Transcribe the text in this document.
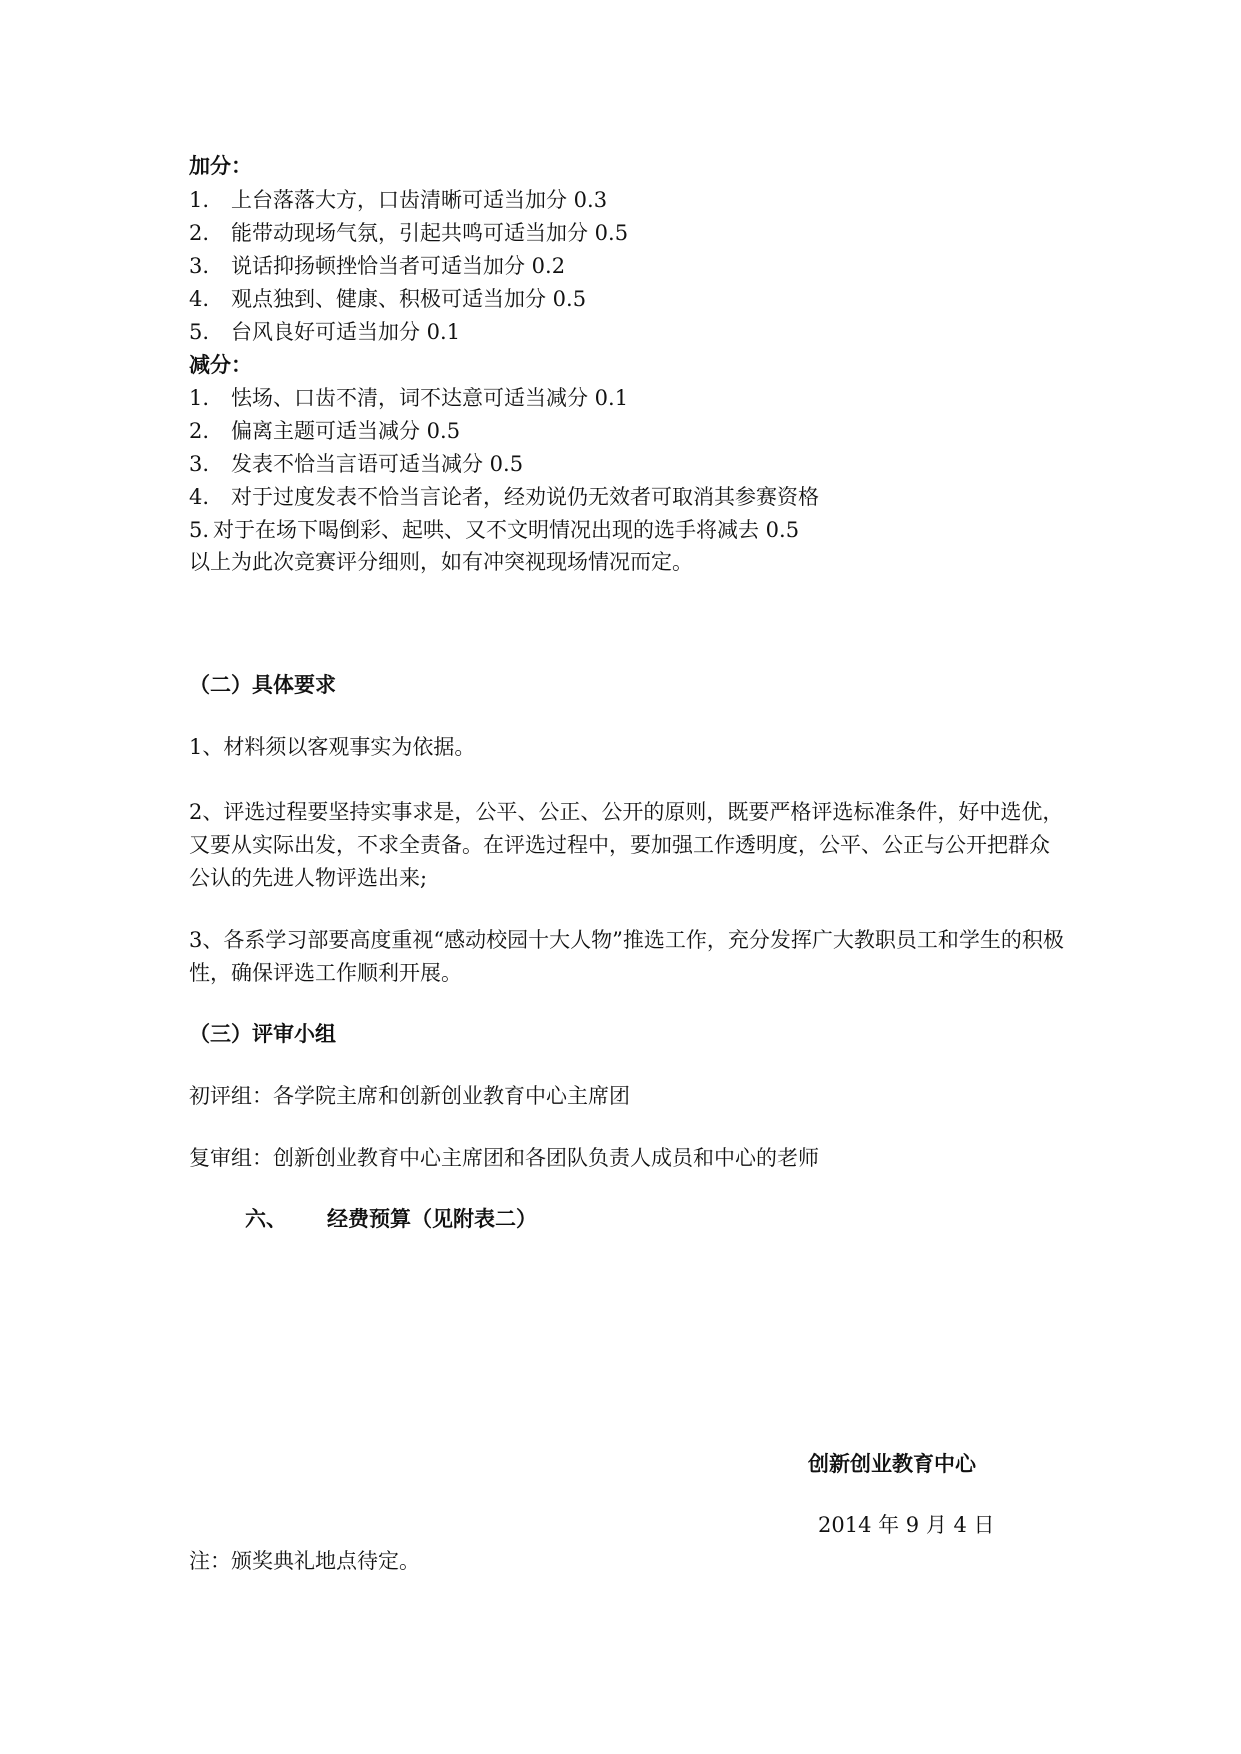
加分：
1. 上台落落大方，口齿清晰可适当加分 0.3
2. 能带动现场气氛，引起共鸣可适当加分 0.5
3. 说话抑扬顿挫恰当者可适当加分 0.2
4. 观点独到、健康、积极可适当加分 0.5
5. 台风良好可适当加分 0.1
减分：
1. 怯场、口齿不清，词不达意可适当减分 0.1
2. 偏离主题可适当减分 0.5
3. 发表不恰当言语可适当减分 0.5
4. 对于过度发表不恰当言论者，经劝说仍无效者可取消其参赛资格
5. 对于在场下喝倒彩、起哄、又不文明情况出现的选手将减去 0.5
以上为此次竞赛评分细则，如有冲突视现场情况而定。
（二）具体要求
1、材料须以客观事实为依据。
2、评选过程要坚持实事求是，公平、公正、公开的原则，既要严格评选标准条件，好中选优，又要从实际出发，不求全责备。在评选过程中，要加强工作透明度，公平、公正与公开把群众公认的先进人物评选出来;
3、各系学习部要高度重视“感动校园十大人物”推选工作，充分发挥广大教职员工和学生的积极性，确保评选工作顺利开展。
（三）评审小组
初评组：各学院主席和创新创业教育中心主席团
复审组：创新创业教育中心主席团和各团队负责人成员和中心的老师
六、 经费预算（见附表二）
创新创业教育中心
2014 年 9 月 4 日
注：颁奖典礼地点待定。
